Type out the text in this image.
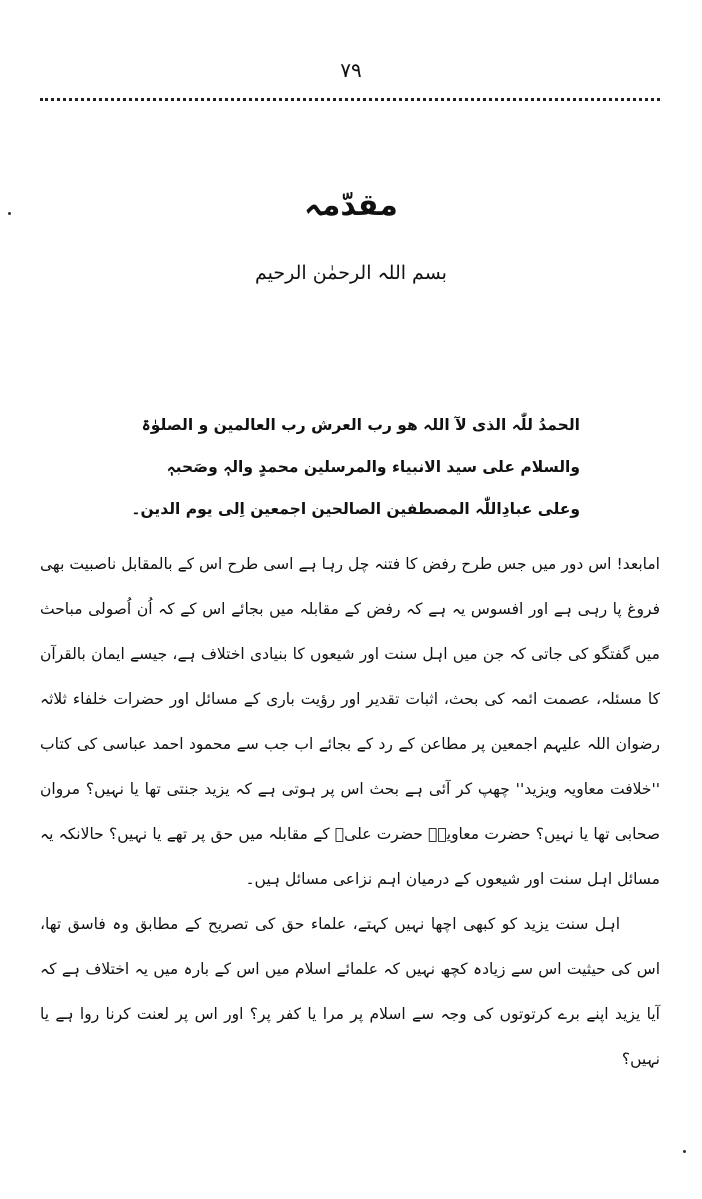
۷۹
مقدّمہ
بسم اللہ الرحمٰن الرحیم
الحمدُ للّٰہ الذی لآ اللہ ھو رب العرش رب العالمین و الصلوٰۃ
والسلام علی سید الانبیاء والمرسلین محمدٍ والہٖ وصَحبہٖ
وعلی عبادِاللّٰہ المصطفین الصالحین اجمعین اِلی یوم الدین۔

امابعد! اس دور میں جس طرح رفض کا فتنہ چل رہا ہے اسی طرح اس کے بالمقابل ناصبیت بھی فروغ پا رہی ہے اور افسوس یہ ہے کہ رفض کے مقابلہ میں بجائے اس کے کہ اُن اُصولی مباحث میں گفتگو کی جاتی کہ جن میں اہل سنت اور شیعوں کا بنیادی اختلاف ہے، جیسے ایمان بالقرآن کا مسئلہ، عصمت ائمہ کی بحث، اثبات تقدیر اور رؤیت باری کے مسائل اور حضرات خلفاء ثلاثہ رضوان اللہ علیہم اجمعین پر مطاعن کے رد کے بجائے اب جب سے محمود احمد عباسی کی کتاب ''خلافت معاویہ ویزید'' چھپ کر آئی ہے بحث اس پر ہوتی ہے کہ یزید جنتی تھا یا نہیں؟ مروان صحابی تھا یا نہیں؟ حضرت معاویہؓ حضرت علیؓ کے مقابلہ میں حق پر تھے یا نہیں؟ حالانکہ یہ مسائل اہل سنت اور شیعوں کے درمیان اہم نزاعی مسائل ہیں۔

اہل سنت یزید کو کبھی اچھا نہیں کہتے، علماء حق کی تصریح کے مطابق وہ فاسق تھا، اس کی حیثیت اس سے زیادہ کچھ نہیں کہ علمائے اسلام میں اس کے بارہ میں یہ اختلاف ہے کہ آیا یزید اپنے برے کرتوتوں کی وجہ سے اسلام پر مرا یا کفر پر؟ اور اس پر لعنت کرنا روا ہے یا نہیں؟
